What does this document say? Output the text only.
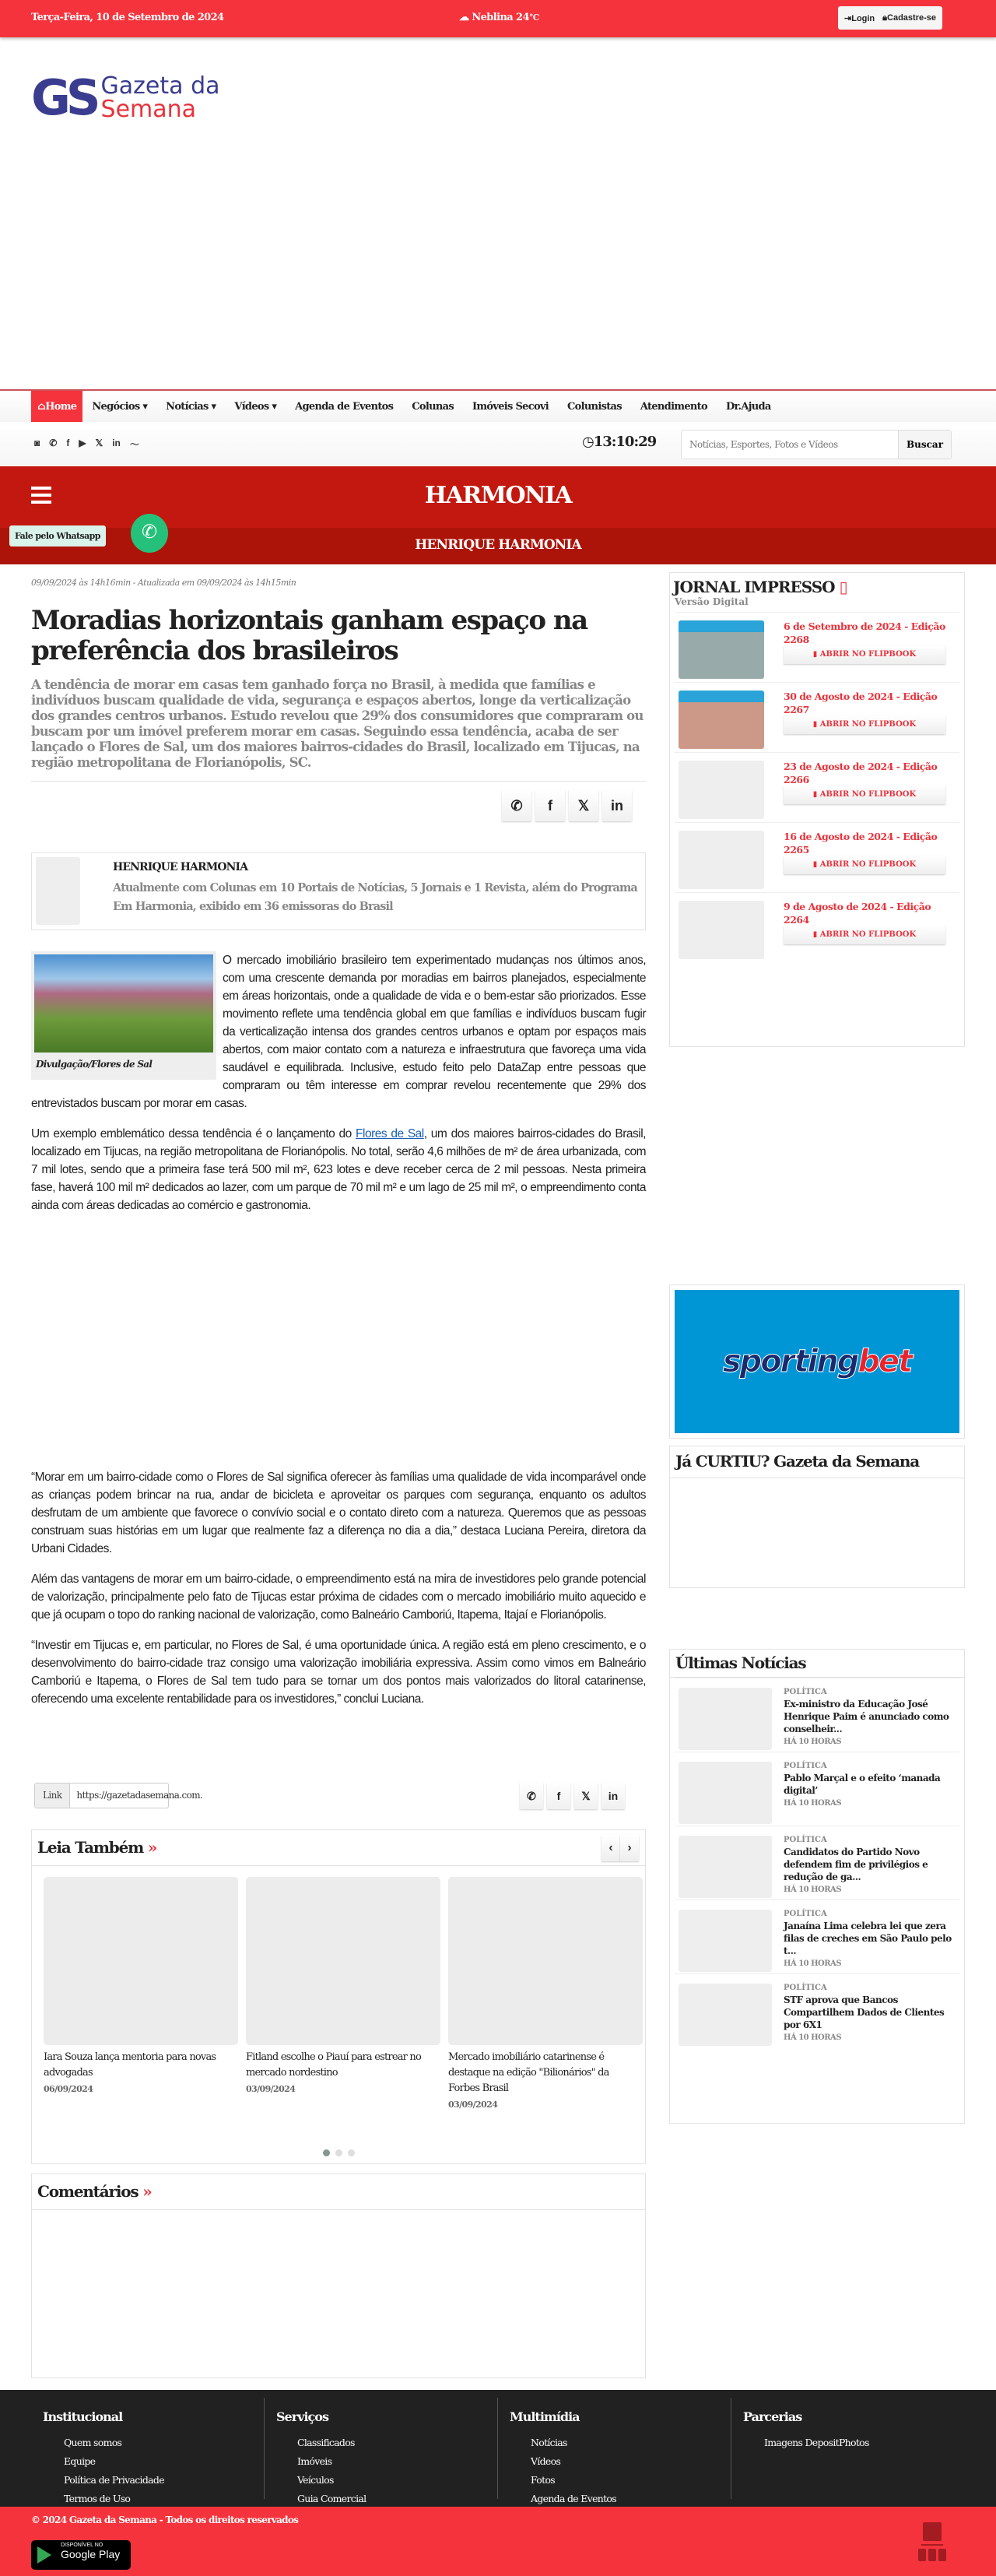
Terça-Feira, 10 de Setembro de 2024	☁ Neblina 24°C	⇥Login 🔒︎Cadastre-se
GS Gazeta da
Semana
⌂ Home	Negócios ▾	Notícias ▾	Vídeos ▾	Agenda de Eventos	Colunas	Imóveis Secovi	Colunistas	Atendimento	Dr.Ajuda
◙ ✆ f ▶ 𝕏 in 〜	◷13:10:29
Notícias, Esportes, Fotos e Vídeos	Buscar
HARMONIA
HENRIQUE HARMONIA
Fale pelo Whatsapp	✆
09/09/2024 às 14h16min - Atualizada em 09/09/2024 às 14h15min
Moradias horizontais ganham espaço na preferência dos brasileiros
A tendência de morar em casas tem ganhado força no Brasil, à medida que famílias e indivíduos buscam qualidade de vida, segurança e espaços abertos, longe da verticalização dos grandes centros urbanos. Estudo revelou que 29% dos consumidores que compraram ou buscam por um imóvel preferem morar em casas. Seguindo essa tendência, acaba de ser lançado o Flores de Sal, um dos maiores bairros-cidades do Brasil, localizado em Tijucas, na região metropolitana de Florianópolis, SC.
✆	f	𝕏	in
HENRIQUE HARMONIA
Atualmente com Colunas em 10 Portais de Notícias, 5 Jornais e 1 Revista, além do Programa Em Harmonia, exibido em 36 emissoras do Brasil
Divulgação/Flores de Sal

O mercado imobiliário brasileiro tem experimentado mudanças nos últimos anos, com uma crescente demanda por moradias em bairros planejados, especialmente em áreas horizontais, onde a qualidade de vida e o bem-estar são priorizados. Esse movimento reflete uma tendência global em que famílias e indivíduos buscam fugir da verticalização intensa dos grandes centros urbanos e optam por espaços mais abertos, com maior contato com a natureza e infraestrutura que favoreça uma vida saudável e equilibrada. Inclusive, estudo feito pelo DataZap entre pessoas que compraram ou têm interesse em comprar revelou recentemente que 29% dos entrevistados buscam por morar em casas.

Um exemplo emblemático dessa tendência é o lançamento do Flores de Sal, um dos maiores bairros-cidades do Brasil, localizado em Tijucas, na região metropolitana de Florianópolis. No total, serão 4,6 milhões de m² de área urbanizada, com 7 mil lotes, sendo que a primeira fase terá 500 mil m², 623 lotes e deve receber cerca de 2 mil pessoas. Nesta primeira fase, haverá 100 mil m² dedicados ao lazer, com um parque de 70 mil m² e um lago de 25 mil m², o empreendimento conta ainda com áreas dedicadas ao comércio e gastronomia.

“Morar em um bairro-cidade como o Flores de Sal significa oferecer às famílias uma qualidade de vida incomparável onde as crianças podem brincar na rua, andar de bicicleta e aproveitar os parques com segurança, enquanto os adultos desfrutam de um ambiente que favorece o convívio social e o contato direto com a natureza. Queremos que as pessoas construam suas histórias em um lugar que realmente faz a diferença no dia a dia,” destaca Luciana Pereira, diretora da Urbani Cidades.

Além das vantagens de morar em um bairro-cidade, o empreendimento está na mira de investidores pelo grande potencial de valorização, principalmente pelo fato de Tijucas estar próxima de cidades com o mercado imobiliário muito aquecido e que já ocupam o topo do ranking nacional de valorização, como Balneário Camboriú, Itapema, Itajaí e Florianópolis.

“Investir em Tijucas e, em particular, no Flores de Sal, é uma oportunidade única. A região está em pleno crescimento, e o desenvolvimento do bairro-cidade traz consigo uma valorização imobiliária expressiva. Assim como vimos em Balneário Camboriú e Itapema, o Flores de Sal tem tudo para se tornar um dos pontos mais valorizados do litoral catarinense, oferecendo uma excelente rentabilidade para os investidores,” conclui Luciana.

Link	https://gazetadasemana.com.	✆	f	𝕏	in
Leia Também »	‹	›
Iara Souza lança mentoria para novas advogadas
06/09/2024
Fitland escolhe o Piauí para estrear no mercado nordestino
03/09/2024
Mercado imobiliário catarinense é destaque na edição "Bilionários" da Forbes Brasil
03/09/2024
Comentários »
JORNAL IMPRESSO ▯
Versão Digital
6 de Setembro de 2024 - Edição 2268
▮ ABRIR NO FLIPBOOK
30 de Agosto de 2024 - Edição 2267
▮ ABRIR NO FLIPBOOK
23 de Agosto de 2024 - Edição 2266
▮ ABRIR NO FLIPBOOK
16 de Agosto de 2024 - Edição 2265
▮ ABRIR NO FLIPBOOK
9 de Agosto de 2024 - Edição 2264
▮ ABRIR NO FLIPBOOK
sporting bet
Já CURTIU? Gazeta da Semana
Últimas Notícias
POLÍTICA
Ex-ministro da Educação José Henrique Paim é anunciado como conselheir...
HÁ 10 HORAS
POLÍTICA
Pablo Marçal e o efeito ‘manada digital’
HÁ 10 HORAS
POLÍTICA
Candidatos do Partido Novo defendem fim de privilégios e redução de ga...
HÁ 10 HORAS
POLÍTICA
Janaína Lima celebra lei que zera filas de creches em São Paulo pelo t...
HÁ 10 HORAS
POLÍTICA
STF aprova que Bancos Compartilhem Dados de Clientes por 6X1
HÁ 10 HORAS
Institucional
Quem somos
Equipe
Política de Privacidade
Termos de Uso
Serviços
Classificados
Imóveis
Veículos
Guia Comercial
Multimídia
Notícias
Vídeos
Fotos
Agenda de Eventos
Parcerias
Imagens DepositPhotos
© 2024 Gazeta da Semana - Todos os direitos reservados
DISPONÍVEL NO
Google Play
